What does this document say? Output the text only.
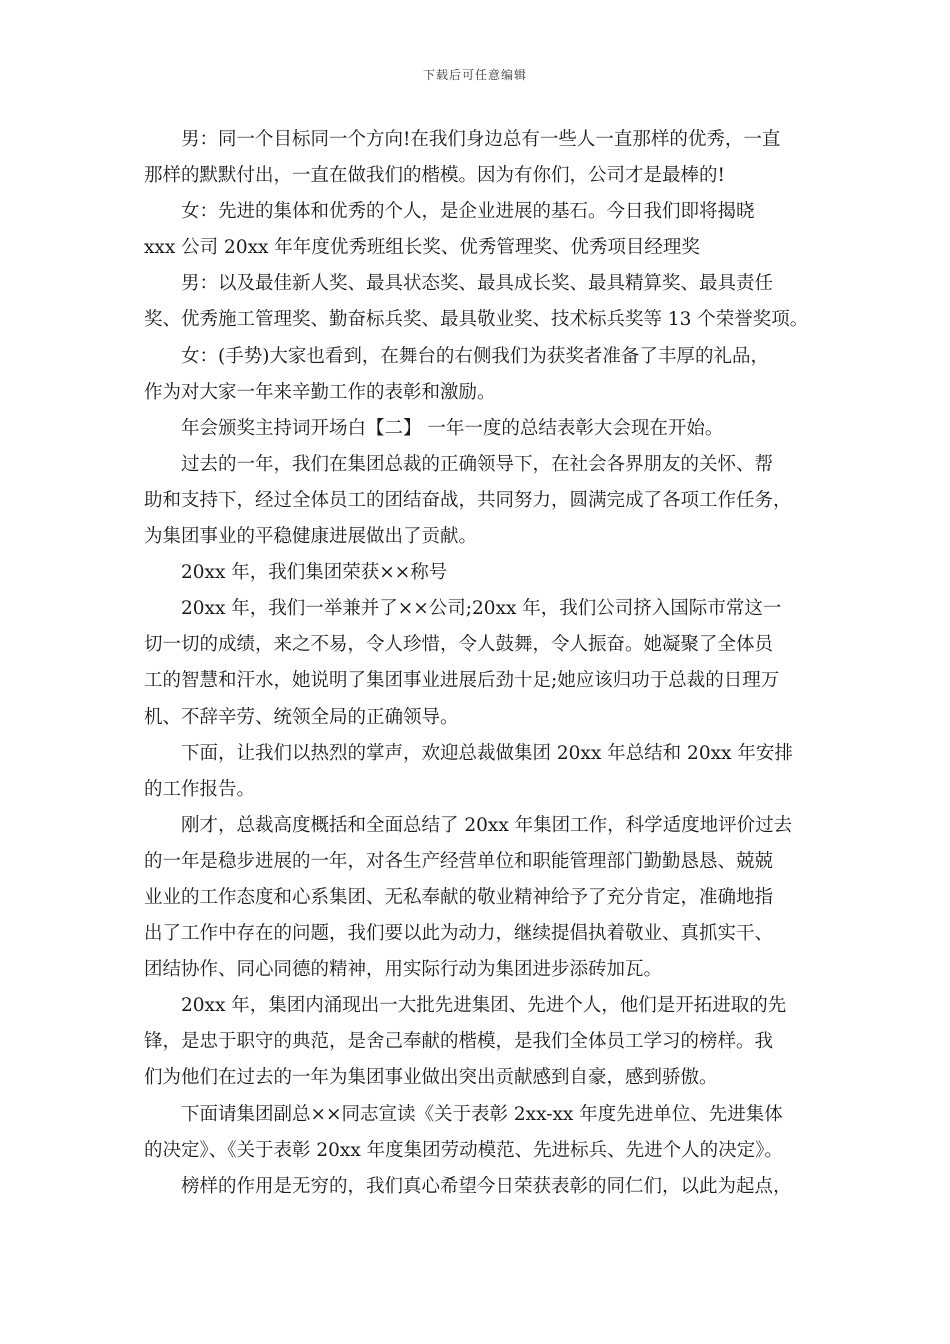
下载后可任意编辑
男：同一个目标同一个方向!在我们身边总有一些人一直那样的优秀，一直
那样的默默付出，一直在做我们的楷模。因为有你们，公司才是最棒的!
女：先进的集体和优秀的个人，是企业进展的基石。今日我们即将揭晓
xxx 公司 20xx 年年度优秀班组长奖、优秀管理奖、优秀项目经理奖
男：以及最佳新人奖、最具状态奖、最具成长奖、最具精算奖、最具责任
奖、优秀施工管理奖、勤奋标兵奖、最具敬业奖、技术标兵奖等 13 个荣誉奖项。
女：(手势)大家也看到，在舞台的右侧我们为获奖者准备了丰厚的礼品，
作为对大家一年来辛勤工作的表彰和激励。
年会颁奖主持词开场白【二】 一年一度的总结表彰大会现在开始。
过去的一年，我们在集团总裁的正确领导下，在社会各界朋友的关怀、帮
助和支持下，经过全体员工的团结奋战，共同努力，圆满完成了各项工作任务，
为集团事业的平稳健康进展做出了贡献。
20xx 年，我们集团荣获××称号
20xx 年，我们一举兼并了××公司;20xx 年，我们公司挤入国际市常这一
切一切的成绩，来之不易，令人珍惜，令人鼓舞，令人振奋。她凝聚了全体员
工的智慧和汗水，她说明了集团事业进展后劲十足;她应该归功于总裁的日理万
机、不辞辛劳、统领全局的正确领导。
下面，让我们以热烈的掌声，欢迎总裁做集团 20xx 年总结和 20xx 年安排
的工作报告。
刚才，总裁高度概括和全面总结了 20xx 年集团工作，科学适度地评价过去
的一年是稳步进展的一年，对各生产经营单位和职能管理部门勤勤恳恳、兢兢
业业的工作态度和心系集团、无私奉献的敬业精神给予了充分肯定，准确地指
出了工作中存在的问题，我们要以此为动力，继续提倡执着敬业、真抓实干、
团结协作、同心同德的精神，用实际行动为集团进步添砖加瓦。
20xx 年，集团内涌现出一大批先进集团、先进个人，他们是开拓进取的先
锋，是忠于职守的典范，是舍己奉献的楷模，是我们全体员工学习的榜样。我
们为他们在过去的一年为集团事业做出突出贡献感到自豪，感到骄傲。
下面请集团副总××同志宣读《关于表彰 2xx-xx 年度先进单位、先进集体
的决定》、《关于表彰 20xx 年度集团劳动模范、先进标兵、先进个人的决定》。
榜样的作用是无穷的，我们真心希望今日荣获表彰的同仁们，以此为起点，
